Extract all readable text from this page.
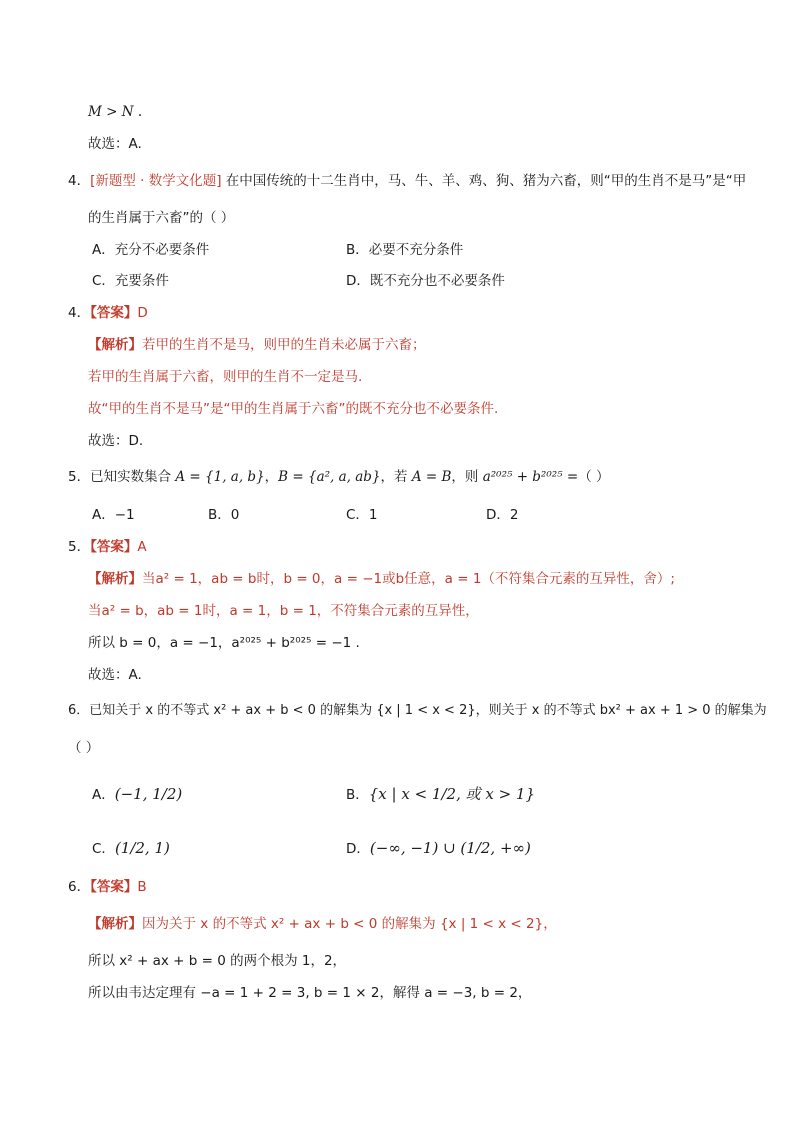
M > N .
故选：A.
4．[新题型 · 数学文化题] 在中国传统的十二生肖中，马、牛、羊、鸡、狗、猪为六畜，则“甲的生肖不是马”是“甲
的生肖属于六畜”的（ ）
A．充分不必要条件	B．必要不充分条件
C．充要条件	D．既不充分也不必要条件
4．【答案】D
【解析】若甲的生肖不是马，则甲的生肖未必属于六畜；
若甲的生肖属于六畜，则甲的生肖不一定是马.
故“甲的生肖不是马”是“甲的生肖属于六畜”的既不充分也不必要条件.
故选：D.
5．已知实数集合 A = {1, a, b}，B = {a², a, ab}，若 A = B，则 a²⁰²⁵ + b²⁰²⁵ =（ ）
A．−1	B．0	C．1	D．2
5．【答案】A
【解析】当a² = 1，ab = b时，b = 0，a = −1或b任意，a = 1（不符集合元素的互异性，舍）;
当a² = b，ab = 1时，a = 1，b = 1，不符集合元素的互异性，
所以 b = 0，a = −1，a²⁰²⁵ + b²⁰²⁵ = −1 .
故选：A.
6．已知关于 x 的不等式 x² + ax + b < 0 的解集为 {x | 1 < x < 2}，则关于 x 的不等式 bx² + ax + 1 > 0 的解集为
（ ）
A．(−1, 1/2)	B．{x | x < 1/2, 或 x > 1}
C．(1/2, 1)	D．(−∞, −1) ∪ (1/2, +∞)
6．【答案】B
【解析】因为关于 x 的不等式 x² + ax + b < 0 的解集为 {x | 1 < x < 2}，
所以 x² + ax + b = 0 的两个根为 1，2，
所以由韦达定理有 −a = 1 + 2 = 3, b = 1 × 2，解得 a = −3, b = 2，
